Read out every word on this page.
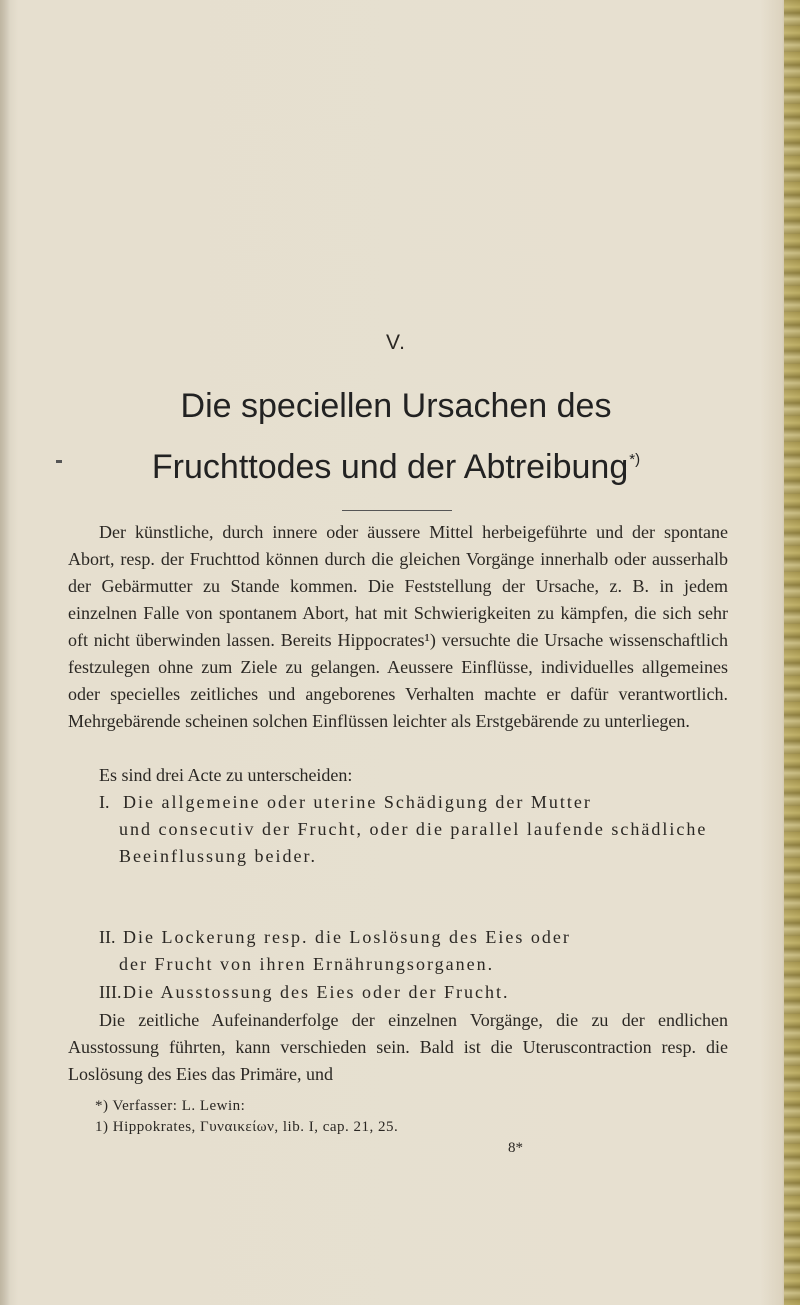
V.
Die speciellen Ursachen des
Fruchttodes und der Abtreibung*)
Der künstliche, durch innere oder äussere Mittel herbeigeführte und der spontane Abort, resp. der Fruchttod können durch die gleichen Vorgänge innerhalb oder ausserhalb der Gebärmutter zu Stande kommen. Die Feststellung der Ursache, z. B. in jedem einzelnen Falle von spontanem Abort, hat mit Schwierigkeiten zu kämpfen, die sich sehr oft nicht überwinden lassen. Bereits Hippocrates¹) versuchte die Ursache wissenschaftlich festzulegen ohne zum Ziele zu gelangen. Aeussere Einflüsse, individuelles allgemeines oder specielles zeitliches und angeborenes Verhalten machte er dafür verantwortlich. Mehrgebärende scheinen solchen Einflüssen leichter als Erstgebärende zu unterliegen.
Es sind drei Acte zu unterscheiden:
I. Die allgemeine oder uterine Schädigung der Mutter
und consecutiv der Frucht, oder die parallel laufende schädliche Beeinflussung beider.
II. Die Lockerung resp. die Loslösung des Eies oder
der Frucht von ihren Ernährungsorganen.
III.Die Ausstossung des Eies oder der Frucht.
Die zeitliche Aufeinanderfolge der einzelnen Vorgänge, die zu der endlichen Ausstossung führten, kann verschieden sein. Bald ist die Uteruscontraction resp. die Loslösung des Eies das Primäre, und
*) Verfasser: L. Lewin:
1) Hippokrates, Γυναικείων, lib. I, cap. 21, 25.
8*
